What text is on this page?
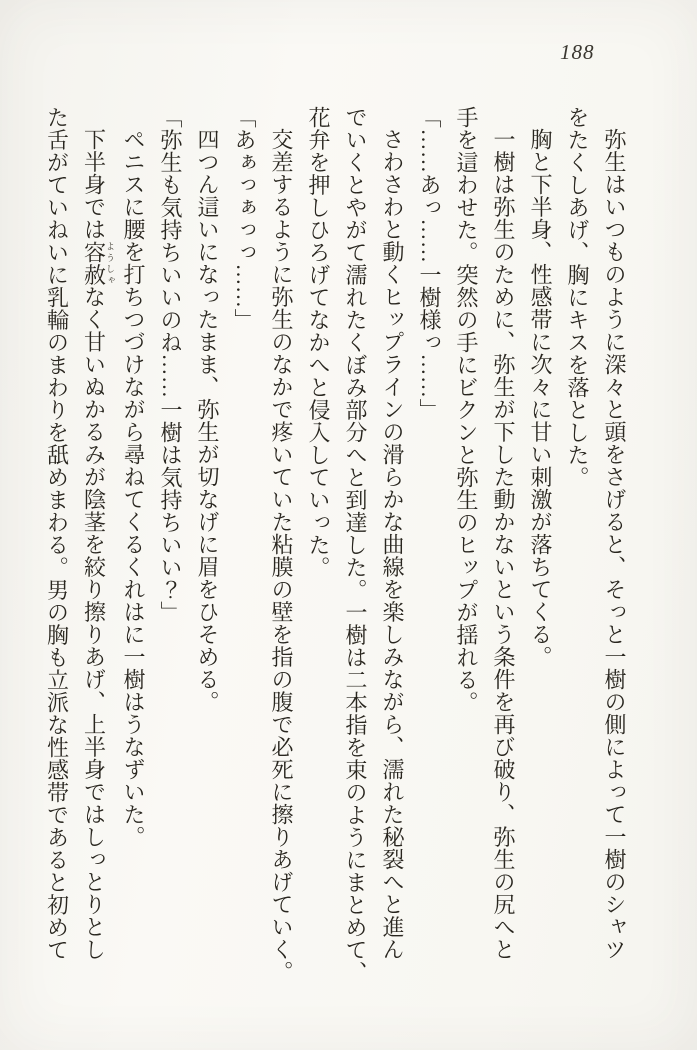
188

弥生はいつものように深々と頭をさげると、そっと一樹の側によって一樹のシャツ

をたくしあげ、胸にキスを落とした。

胸と下半身、性感帯に次々に甘い刺激が落ちてくる。

一樹は弥生のために、弥生が下した動かないという条件を再び破り、弥生の尻へと

手を這わせた。突然の手にビクンと弥生のヒップが揺れる。

「……あっ……一樹様っ……」

さわさわと動くヒップラインの滑らかな曲線を楽しみながら、濡れた秘裂へと進ん

でいくとやがて濡れたくぼみ部分へと到達した。一樹は二本指を束のようにまとめて、

花弁を押しひろげてなかへと侵入していった。

交差するように弥生のなかで疼いていた粘膜の壁を指の腹で必死に擦りあげていく。

「あぁっぁっっ……」

四つん這いになったまま、弥生が切なげに眉をひそめる。

「弥生も気持ちいいのね……一樹は気持ちいい？」

ペニスに腰を打ちつづけながら尋ねてくるくれはに一樹はうなずいた。

下半身では容赦ようしゃなく甘いぬかるみが陰茎を絞り擦りあげ、上半身ではしっとりとし

た舌がていねいに乳輪のまわりを舐めまわる。男の胸も立派な性感帯であると初めて
